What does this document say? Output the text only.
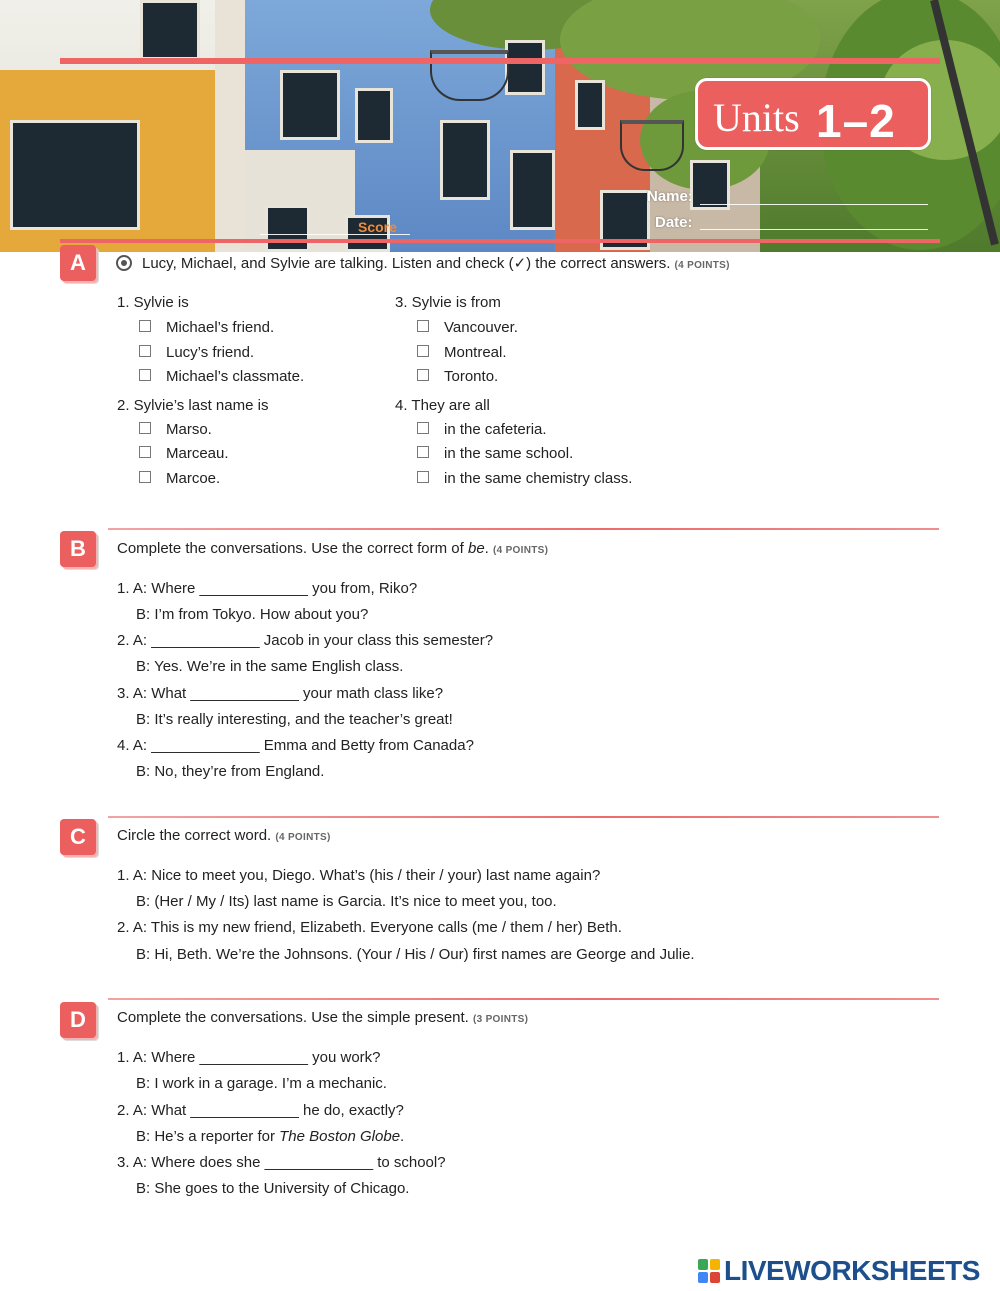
Units 1–2
Name:
Date:
Score
A	Lucy, Michael, and Sylvie are talking. Listen and check (✓) the correct answers. (4 POINTS)
1. Sylvie is
Michael’s friend.
Lucy’s friend.
Michael’s classmate.
2. Sylvie’s last name is
Marso.
Marceau.
Marcoe.
3. Sylvie is from
Vancouver.
Montreal.
Toronto.
4. They are all
in the cafeteria.
in the same school.
in the same chemistry class.
B	Complete the conversations. Use the correct form of be. (4 POINTS)
1. A: Where _____________ you from, Riko?
B: I’m from Tokyo. How about you?
2. A: _____________ Jacob in your class this semester?
B: Yes. We’re in the same English class.
3. A: What _____________ your math class like?
B: It’s really interesting, and the teacher’s great!
4. A: _____________ Emma and Betty from Canada?
B: No, they’re from England.
C	Circle the correct word. (4 POINTS)
1. A: Nice to meet you, Diego. What’s (his / their / your) last name again?
B: (Her / My / Its) last name is Garcia. It’s nice to meet you, too.
2. A: This is my new friend, Elizabeth. Everyone calls (me / them / her) Beth.
B: Hi, Beth. We’re the Johnsons. (Your / His / Our) first names are George and Julie.
D	Complete the conversations. Use the simple present. (3 POINTS)
1. A: Where _____________ you work?
B: I work in a garage. I’m a mechanic.
2. A: What _____________ he do, exactly?
B: He’s a reporter for The Boston Globe.
3. A: Where does she _____________ to school?
B: She goes to the University of Chicago.
LIVEWORKSHEETS
